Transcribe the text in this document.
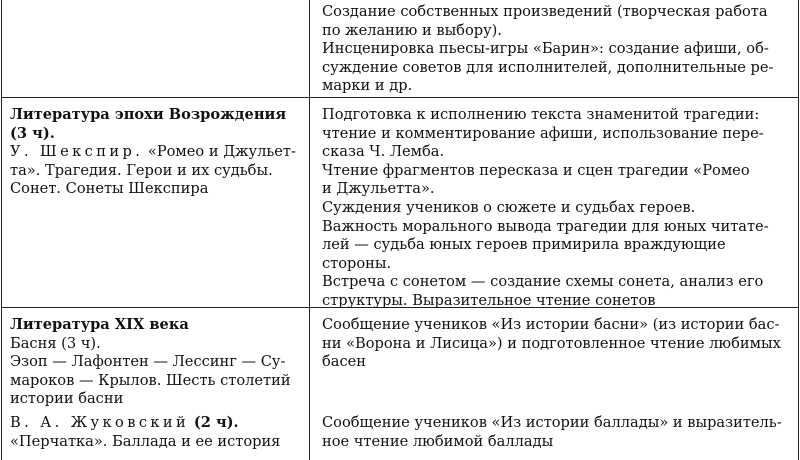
Создание собственных произведений (творческая работа

по желанию и выбору).

Инсценировка пьесы-игры «Барин»: создание афиши, об-

суждение советов для исполнителей, дополнительные ре-

марки и др.

Литература эпохи Возрождения

(3 ч).

У. Шекспир. «Ромео и Джульет-

та». Трагедия. Герои и их судьбы.

Сонет. Сонеты Шекспира

Подготовка к исполнению текста знаменитой трагедии:

чтение и комментирование афиши, использование пере-

сказа Ч. Лемба.

Чтение фрагментов пересказа и сцен трагедии «Ромео

и Джульетта».

Суждения учеников о сюжете и судьбах героев.

Важность морального вывода трагедии для юных читате-

лей — судьба юных героев примирила враждующие

стороны.

Встреча с сонетом — создание схемы сонета, анализ его

структуры. Выразительное чтение сонетов

Литература XIX века

Басня (3 ч).

Эзоп — Лафонтен — Лессинг — Су-

мароков — Крылов. Шесть столетий

истории басни

Сообщение учеников «Из истории басни» (из истории бас-

ни «Ворона и Лисица») и подготовленное чтение любимых

басен

В. А. Жуковский (2 ч).

«Перчатка». Баллада и ее история

Сообщение учеников «Из истории баллады» и выразитель-

ное чтение любимой баллады
